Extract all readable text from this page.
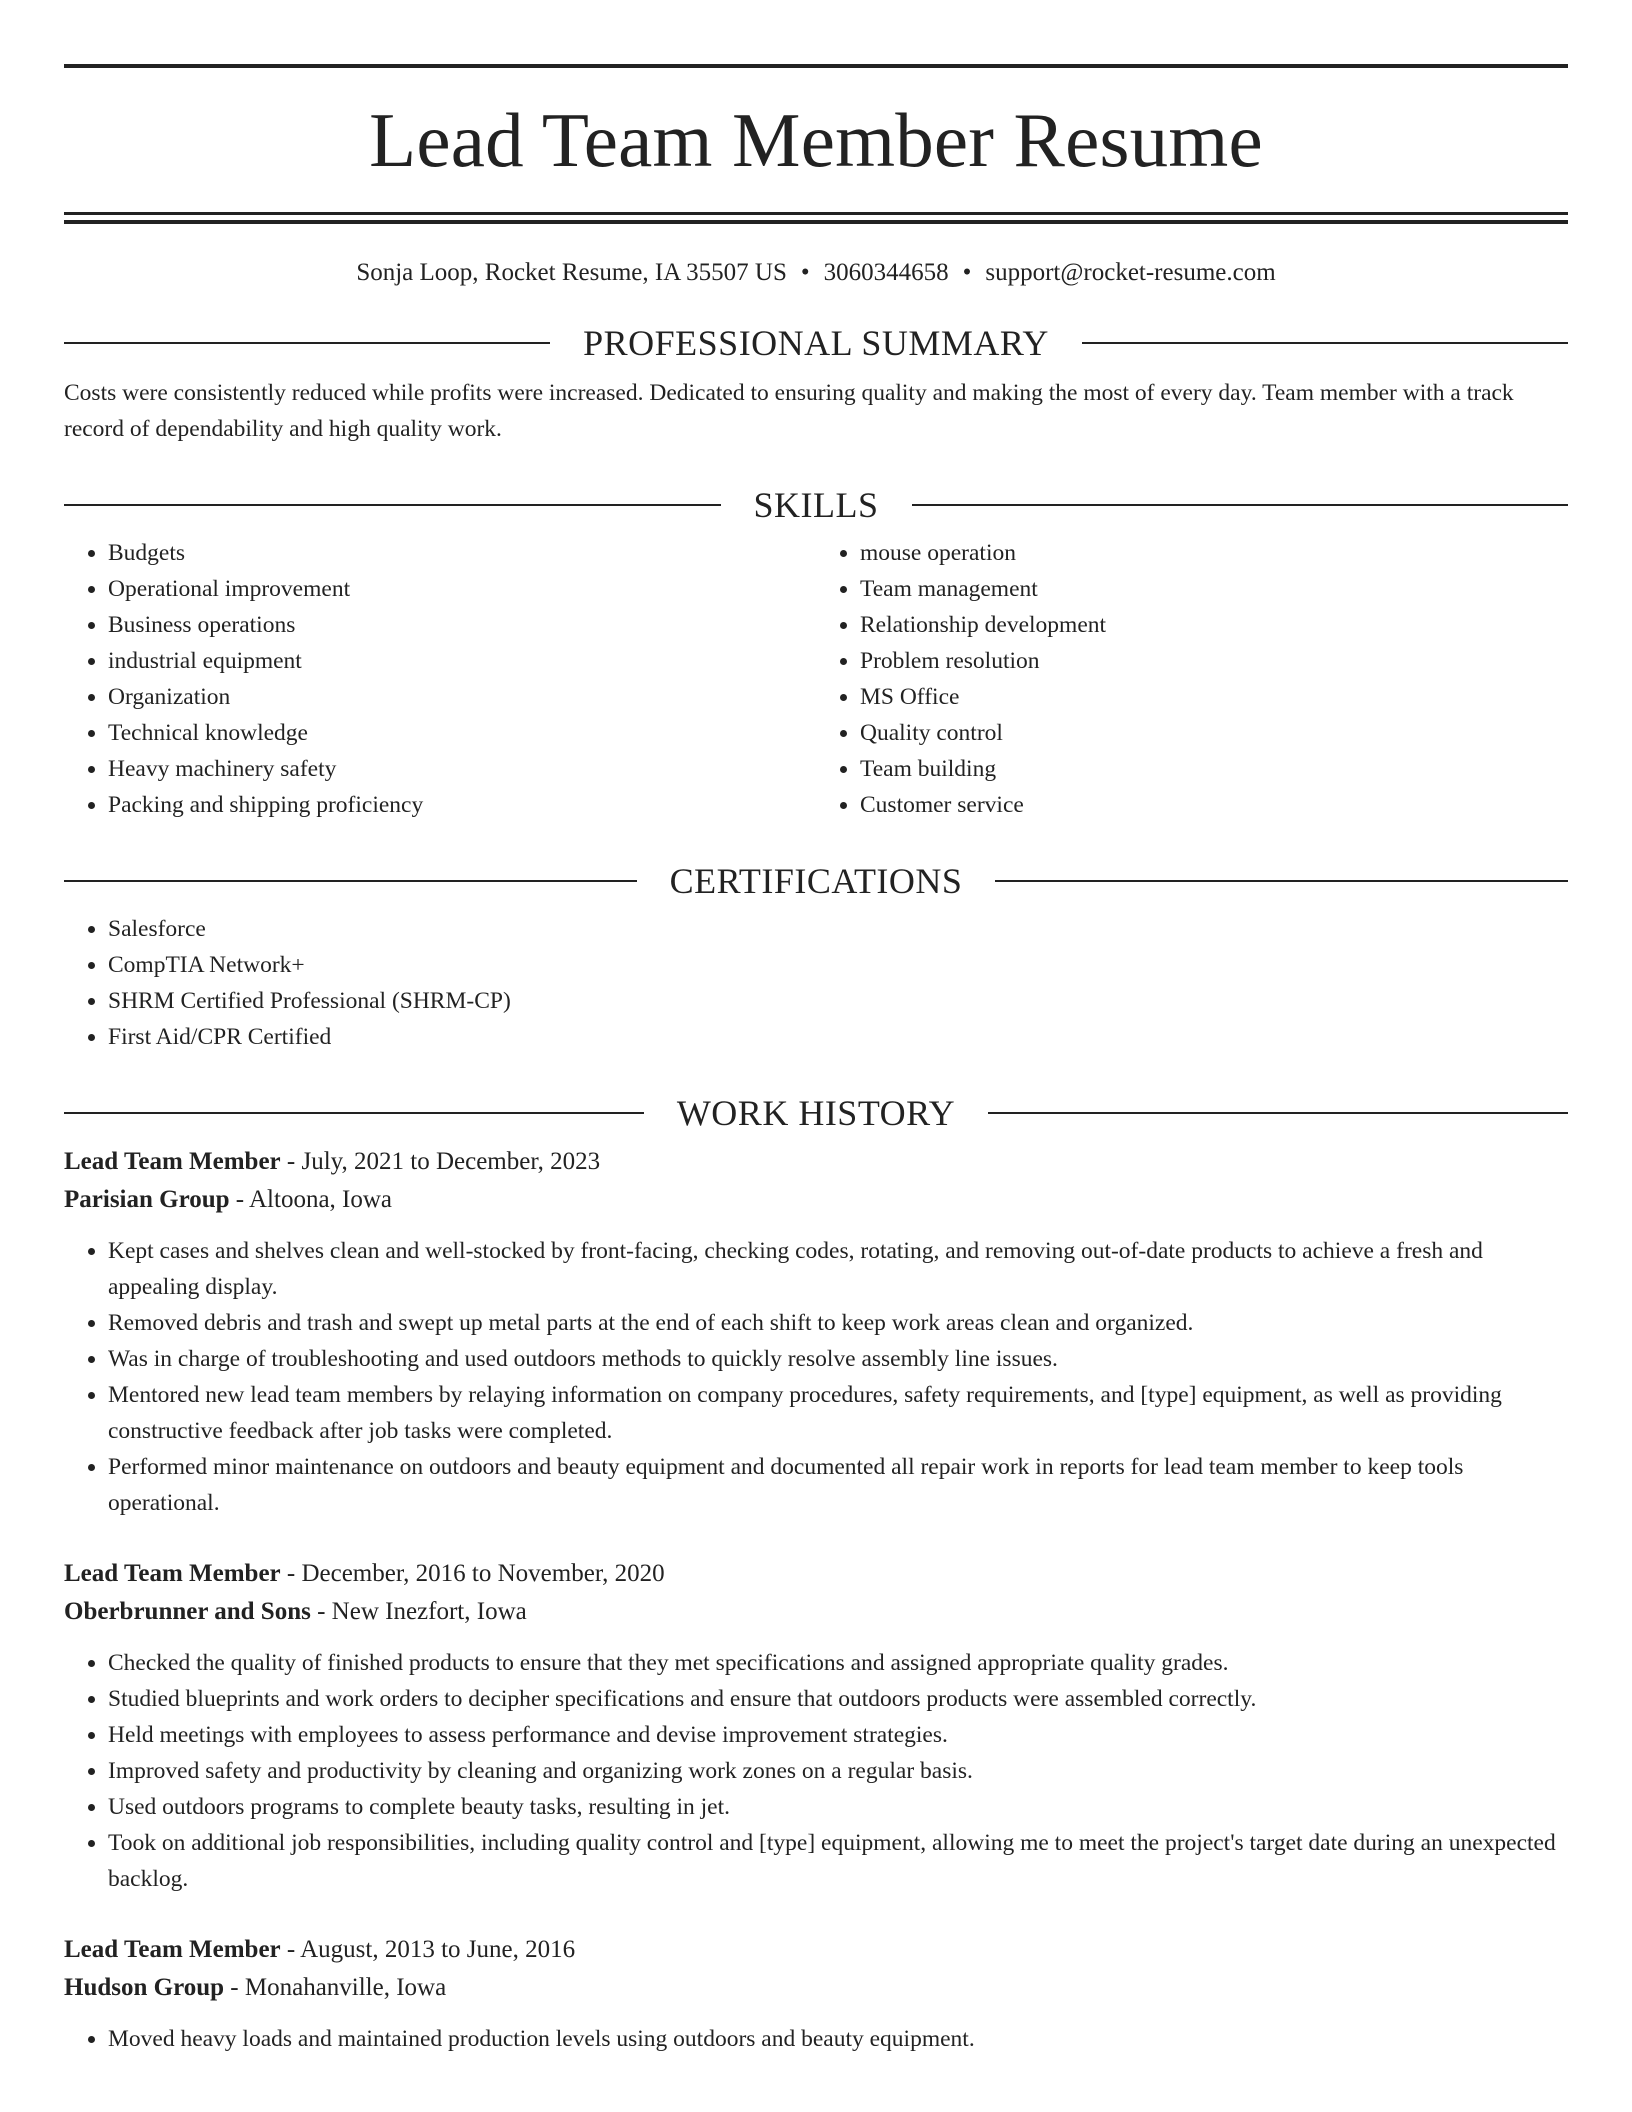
Lead Team Member Resume
Sonja Loop, Rocket Resume, IA 35507 US • 3060344658 • support@rocket-resume.com
PROFESSIONAL SUMMARY

Costs were consistently reduced while profits were increased. Dedicated to ensuring quality and making the most of every day. Team member with a track record of dependability and high quality work.

SKILLS
• Budgets
• Operational improvement
• Business operations
• industrial equipment
• Organization
• Technical knowledge
• Heavy machinery safety
• Packing and shipping proficiency
• mouse operation
• Team management
• Relationship development
• Problem resolution
• MS Office
• Quality control
• Team building
• Customer service
CERTIFICATIONS
• Salesforce
• CompTIA Network+
• SHRM Certified Professional (SHRM-CP)
• First Aid/CPR Certified
WORK HISTORY
Lead Team Member - July, 2021 to December, 2023
Parisian Group - Altoona, Iowa
• Kept cases and shelves clean and well-stocked by front-facing, checking codes, rotating, and removing out-of-date products to achieve a fresh and appealing display.
• Removed debris and trash and swept up metal parts at the end of each shift to keep work areas clean and organized.
• Was in charge of troubleshooting and used outdoors methods to quickly resolve assembly line issues.
• Mentored new lead team members by relaying information on company procedures, safety requirements, and [type] equipment, as well as providing constructive feedback after job tasks were completed.
• Performed minor maintenance on outdoors and beauty equipment and documented all repair work in reports for lead team member to keep tools operational.
Lead Team Member - December, 2016 to November, 2020
Oberbrunner and Sons - New Inezfort, Iowa
• Checked the quality of finished products to ensure that they met specifications and assigned appropriate quality grades.
• Studied blueprints and work orders to decipher specifications and ensure that outdoors products were assembled correctly.
• Held meetings with employees to assess performance and devise improvement strategies.
• Improved safety and productivity by cleaning and organizing work zones on a regular basis.
• Used outdoors programs to complete beauty tasks, resulting in jet.
• Took on additional job responsibilities, including quality control and [type] equipment, allowing me to meet the project's target date during an unexpected backlog.
Lead Team Member - August, 2013 to June, 2016
Hudson Group - Monahanville, Iowa
• Moved heavy loads and maintained production levels using outdoors and beauty equipment.
